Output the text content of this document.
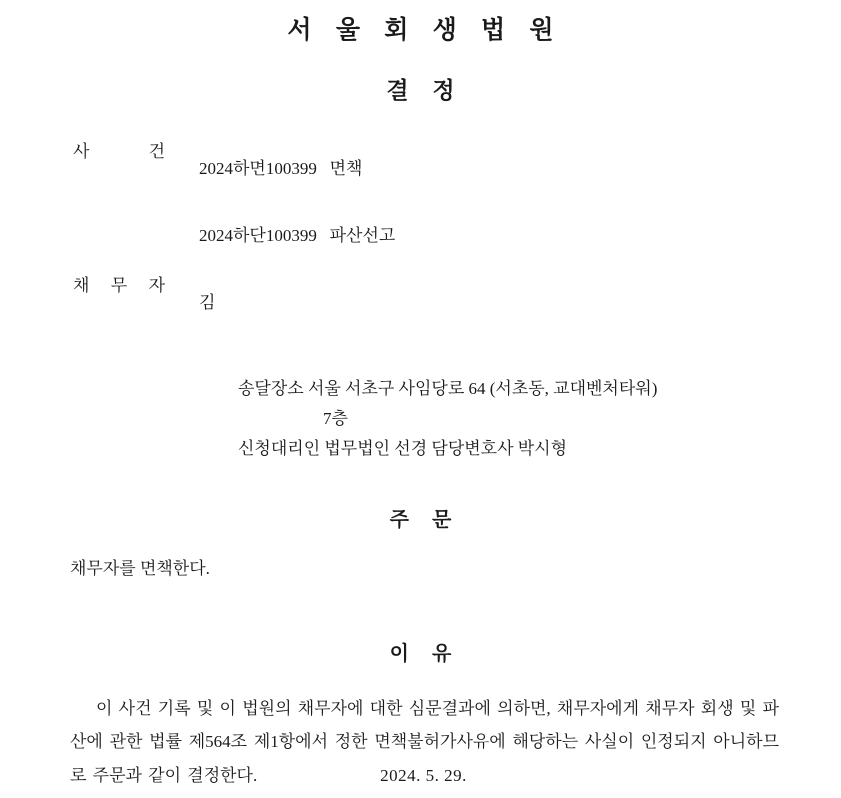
서 울 회 생 법 원
결 정
사	건

2024하면100399 면책

2024하단100399 파산선고

채 무 자

김

송달장소 서울 서초구 사임당로 64 (서초동, 교대벤처타워)
7층
신청대리인 법무법인 선경 담당변호사 박시형
주 문
채무자를 면책한다.
이 유
이 사건 기록 및 이 법원의 채무자에 대한 심문결과에 의하면, 채무자에게 채무자 회생 및 파산에 관한 법률 제564조 제1항에서 정한 면책불허가사유에 해당하는 사실이 인정되지 아니하므로 주문과 같이 결정한다.	2024. 5. 29.
